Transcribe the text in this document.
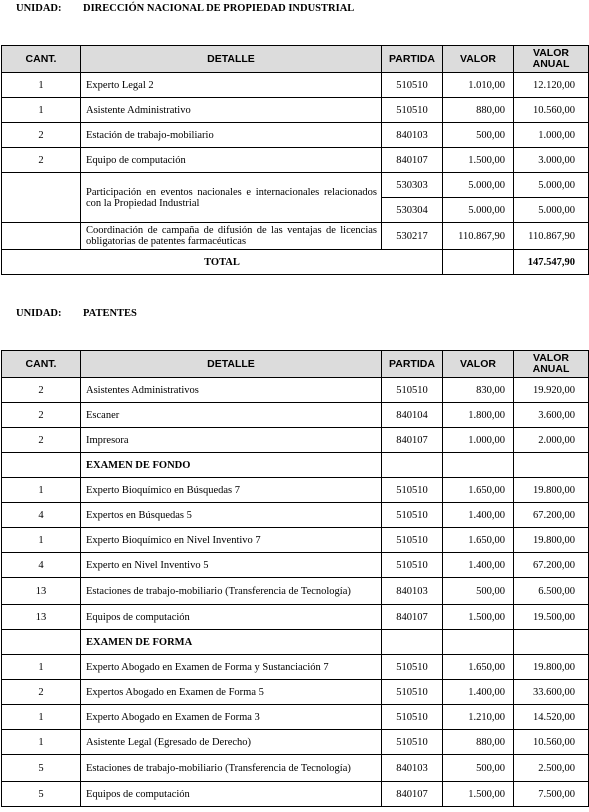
UNIDAD: DIRECCIÓN NACIONAL DE PROPIEDAD INDUSTRIAL
CANT.	DETALLE	PARTIDA	VALOR	VALOR ANUAL
1	Experto Legal 2	510510	1.010,00	12.120,00
1	Asistente Administrativo	510510	880,00	10.560,00
2	Estación de trabajo-mobiliario	840103	500,00	1.000,00
2	Equipo de computación	840107	1.500,00	3.000,00
	Participación en eventos nacionales e internacionales relacionados con la Propiedad Industrial	530303	5.000,00	5.000,00
		530304	5.000,00	5.000,00
	Coordinación de campaña de difusión de las ventajas de licencias obligatorias de patentes farmacéuticas	530217	110.867,90	110.867,90
TOTAL				147.547,90
UNIDAD: PATENTES
CANT.	DETALLE	PARTIDA	VALOR	VALOR ANUAL
2	Asistentes Administrativos	510510	830,00	19.920,00
2	Escaner	840104	1.800,00	3.600,00
2	Impresora	840107	1.000,00	2.000,00
	EXAMEN DE FONDO			
1	Experto Bioquímico en Búsquedas 7	510510	1.650,00	19.800,00
4	Expertos en Búsquedas 5	510510	1.400,00	67.200,00
1	Experto Bioquímico en Nivel Inventivo 7	510510	1.650,00	19.800,00
4	Experto en Nivel Inventivo 5	510510	1.400,00	67.200,00
13	Estaciones de trabajo-mobiliario (Transferencia de Tecnología)	840103	500,00	6.500,00
13	Equipos de computación	840107	1.500,00	19.500,00
	EXAMEN DE FORMA			
1	Experto Abogado en Examen de Forma y Sustanciación 7	510510	1.650,00	19.800,00
2	Expertos Abogado en Examen de Forma 5	510510	1.400,00	33.600,00
1	Experto Abogado en Examen de Forma 3	510510	1.210,00	14.520,00
1	Asistente Legal (Egresado de Derecho)	510510	880,00	10.560,00
5	Estaciones de trabajo-mobiliario (Transferencia de Tecnología)	840103	500,00	2.500,00
5	Equipos de computación	840107	1.500,00	7.500,00
